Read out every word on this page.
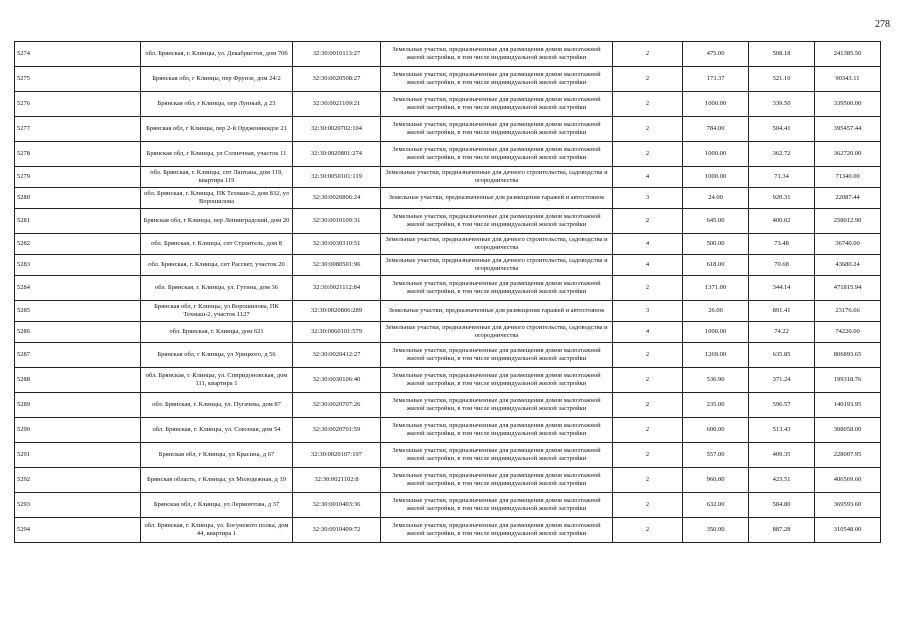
278
5274	обл. Брянская, г. Клинцы, ул. Декабристов, дом 70б	32:30:0010113:27	Земельные участки, предназначенные для размещения домов малоэтажной жилой застройки, в том числе индивидуальной жилой застройки	2	475.00	508.18	241385.50
5275	Брянская обл, г Клинцы, пер Фрунзе, дом 24/2	32:30:0020508:27	Земельные участки, предназначенные для размещения домов малоэтажной жилой застройки, в том числе индивидуальной жилой застройки	2	173.37	521.10	90343.11
5276	Брянская обл, г Клинцы, пер Лунный, д 23	32:30:0021109:21	Земельные участки, предназначенные для размещения домов малоэтажной жилой застройки, в том числе индивидуальной жилой застройки	2	1000.00	339.50	339500.00
5277	Брянская обл, г Клинцы, пер 2-й Орджоникидзе 21	32:30:0020702:104	Земельные участки, предназначенные для размещения домов малоэтажной жилой застройки, в том числе индивидуальной жилой застройки	2	784.00	504.41	395457.44
5278	Брянская обл, г Клинцы, ул Солнечная, участок 11	32:30:0020801:274	Земельные участки, предназначенные для размещения домов малоэтажной жилой застройки, в том числе индивидуальной жилой застройки	2	1000.00	362.72	362720.00
5279	обл. Брянская, г. Клинцы, снт Лантана, дом 119, квартира 119	32:30:0050101:119	Земельные участки, предназначенные для дачного строительства, садоводства и огородничества	4	1000.00	71.34	71340.00
5280	обл. Брянская, г. Клинцы, ПК Техмаш-2, дом 832, ул Ворошилова	32:30:0020806:24	Земельные участки, предназначенные для размещения гаражей и автостоянок	3	24.00	920.31	22087.44
5281	Брянская обл, г Клинцы, пер Ленинградский, дом 20	32:30:0010109:31	Земельные участки, предназначенные для размещения домов малоэтажной жилой застройки, в том числе индивидуальной жилой застройки	2	645.00	400.02	258012.90
5282	обл. Брянская, г. Клинцы, снт Строитель, дом 8	32:30:0030310:51	Земельные участки, предназначенные для дачного строительства, садоводства и огородничества	4	500.00	73.48	36740.00
5283	обл. Брянская, г. Клинцы, снт Рассвет, участок 20	32:30:0080501:96	Земельные участки, предназначенные для дачного строительства, садоводства и огородничества	4	618.00	70.68	43680.24
5284	обл. Брянская, г. Клинцы, ул. Гутина, дом 36	32:30:0021112:84	Земельные участки, предназначенные для размещения домов малоэтажной жилой застройки, в том числе индивидуальной жилой застройки	2	1371.00	344.14	471815.94
5285	Брянская обл, г Клинцы, ул Ворошилова, ПК Техмаш-2, участок 1127	32:30:0020806:289	Земельные участки, предназначенные для размещения гаражей и автостоянок	3	26.00	891.41	23176.66
5286	обл. Брянская, г. Клинцы, дом 621	32:30:0060101:579	Земельные участки, предназначенные для дачного строительства, садоводства и огородничества	4	1000.00	74.22	74220.00
5287	Брянская обл, г Клинцы, ул Урицкого, д 56	32:30:0020412:27	Земельные участки, предназначенные для размещения домов малоэтажной жилой застройки, в том числе индивидуальной жилой застройки	2	1269.00	635.85	806893.65
5288	обл. Брянская, г. Клинцы, ул. Спиридоновская, дом 111, квартира 1	32:30:0030106:40	Земельные участки, предназначенные для размещения домов малоэтажной жилой застройки, в том числе индивидуальной жилой застройки	2	536.90	371.24	199318.76
5289	обл. Брянская, г. Клинцы, ул. Пугачева, дом 87	32:30:0020707:26	Земельные участки, предназначенные для размещения домов малоэтажной жилой застройки, в том числе индивидуальной жилой застройки	2	235.00	596.57	140193.95
5290	обл. Брянская, г. Клинцы, ул. Союзная, дом 54	32:30:0020701:59	Земельные участки, предназначенные для размещения домов малоэтажной жилой застройки, в том числе индивидуальной жилой застройки	2	600.00	513.43	308058.00
5291	Брянская обл, г Клинцы, ул Красина, д 67	32:30:0020107:197	Земельные участки, предназначенные для размещения домов малоэтажной жилой застройки, в том числе индивидуальной жилой застройки	2	557.00	409.35	228007.95
5292	Брянская область, г Клинцы, ул Молодежная, д 19	32:30:0021102:8	Земельные участки, предназначенные для размещения домов малоэтажной жилой застройки, в том числе индивидуальной жилой застройки	2	960.00	423.51	406569.60
5293	Брянская обл, г Клинцы, ул Лермонтова, д 37	32:30:0010403:36	Земельные участки, предназначенные для размещения домов малоэтажной жилой застройки, в том числе индивидуальной жилой застройки	2	632.00	584.80	369593.60
5294	обл. Брянская, г. Клинцы, ул. Богунского полка, дом 44, квартира 1	32:30:0010409:72	Земельные участки, предназначенные для размещения домов малоэтажной жилой застройки, в том числе индивидуальной жилой застройки	2	350.00	887.28	310548.00
